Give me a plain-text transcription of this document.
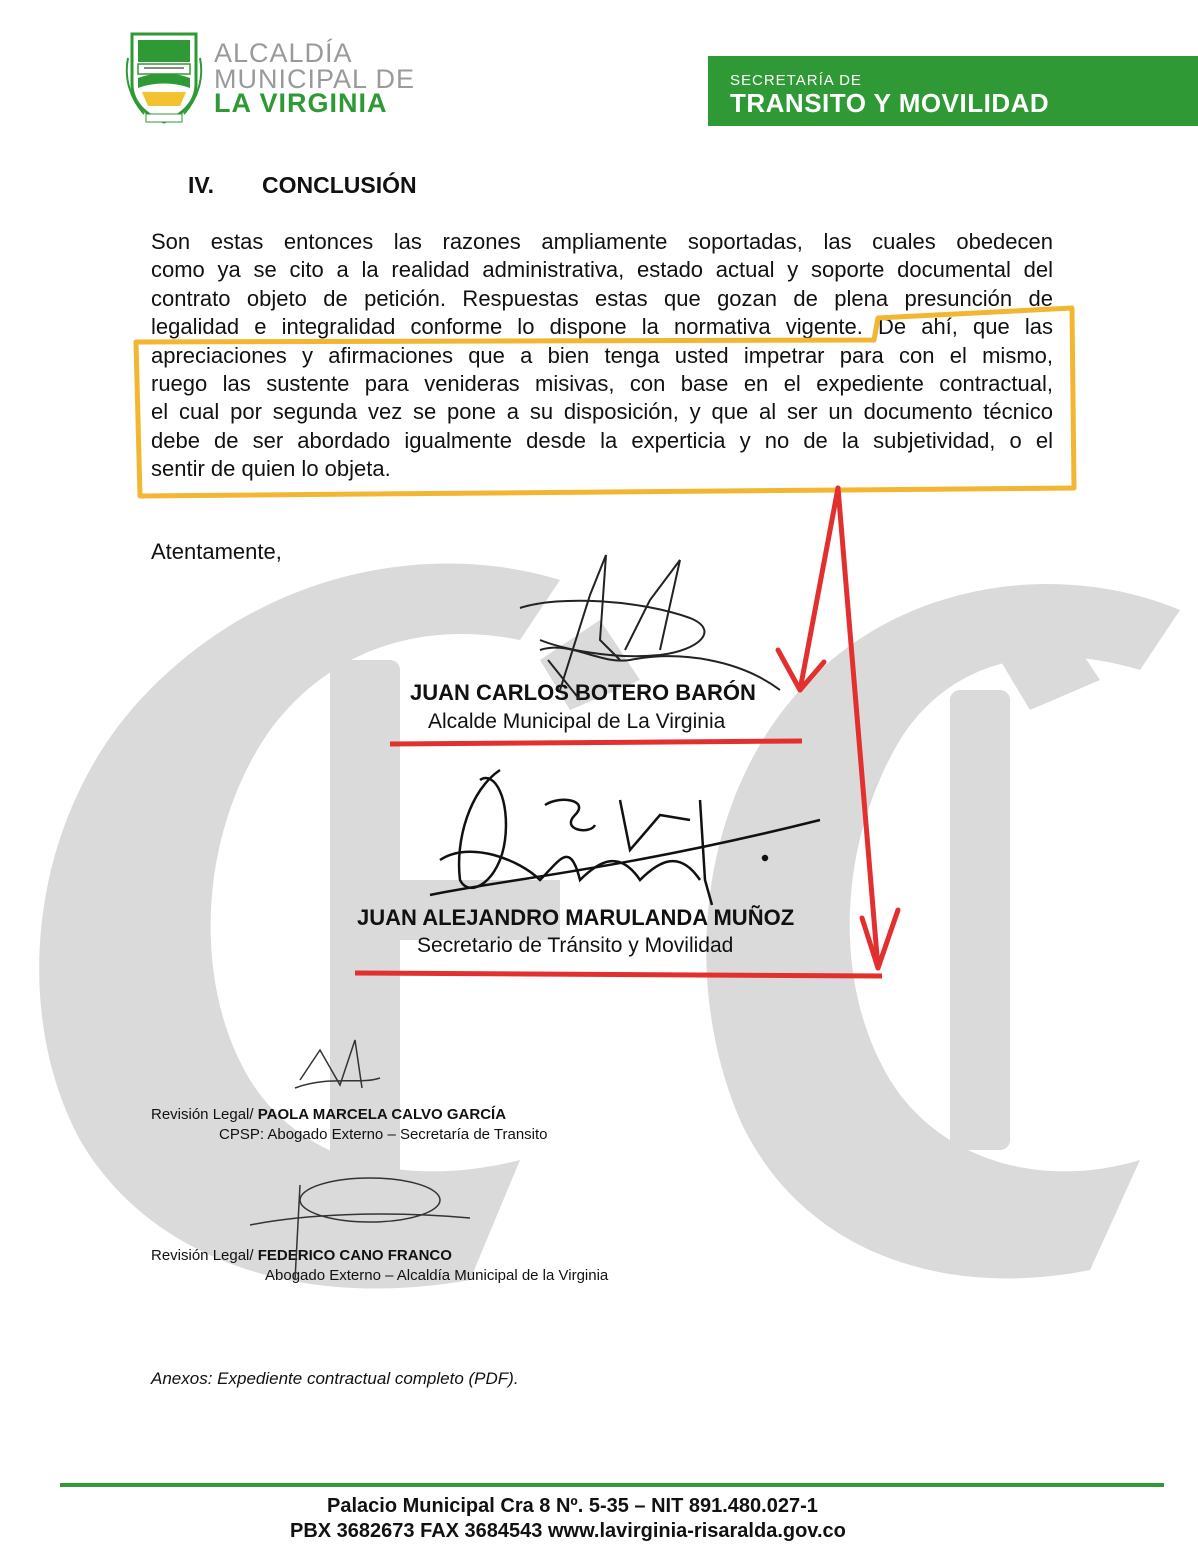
ALCALDÍA
MUNICIPAL DE
LA VIRGINIA
SECRETARÍA DE
TRANSITO Y MOVILIDAD
IV. CONCLUSIÓN
Son estas entonces las razones ampliamente soportadas, las cuales obedecen
como ya se cito a la realidad administrativa, estado actual y soporte documental del
contrato objeto de petición. Respuestas estas que gozan de plena presunción de
legalidad e integralidad conforme lo dispone la normativa vigente. De ahí, que las
apreciaciones y afirmaciones que a bien tenga usted impetrar para con el mismo,
ruego las sustente para venideras misivas, con base en el expediente contractual,
el cual por segunda vez se pone a su disposición, y que al ser un documento técnico
debe de ser abordado igualmente desde la experticia y no de la subjetividad, o el
sentir de quien lo objeta.
Atentamente,
JUAN CARLOS BOTERO BARÓN
Alcalde Municipal de La Virginia
JUAN ALEJANDRO MARULANDA MUÑOZ
Secretario de Tránsito y Movilidad
Revisión Legal/ PAOLA MARCELA CALVO GARCÍA
CPSP: Abogado Externo – Secretaría de Transito
Revisión Legal/ FEDERICO CANO FRANCO
Abogado Externo – Alcaldía Municipal de la Virginia
Anexos: Expediente contractual completo (PDF).
Palacio Municipal Cra 8 Nº. 5-35 – NIT 891.480.027-1
PBX 3682673 FAX 3684543 www.lavirginia-risaralda.gov.co
